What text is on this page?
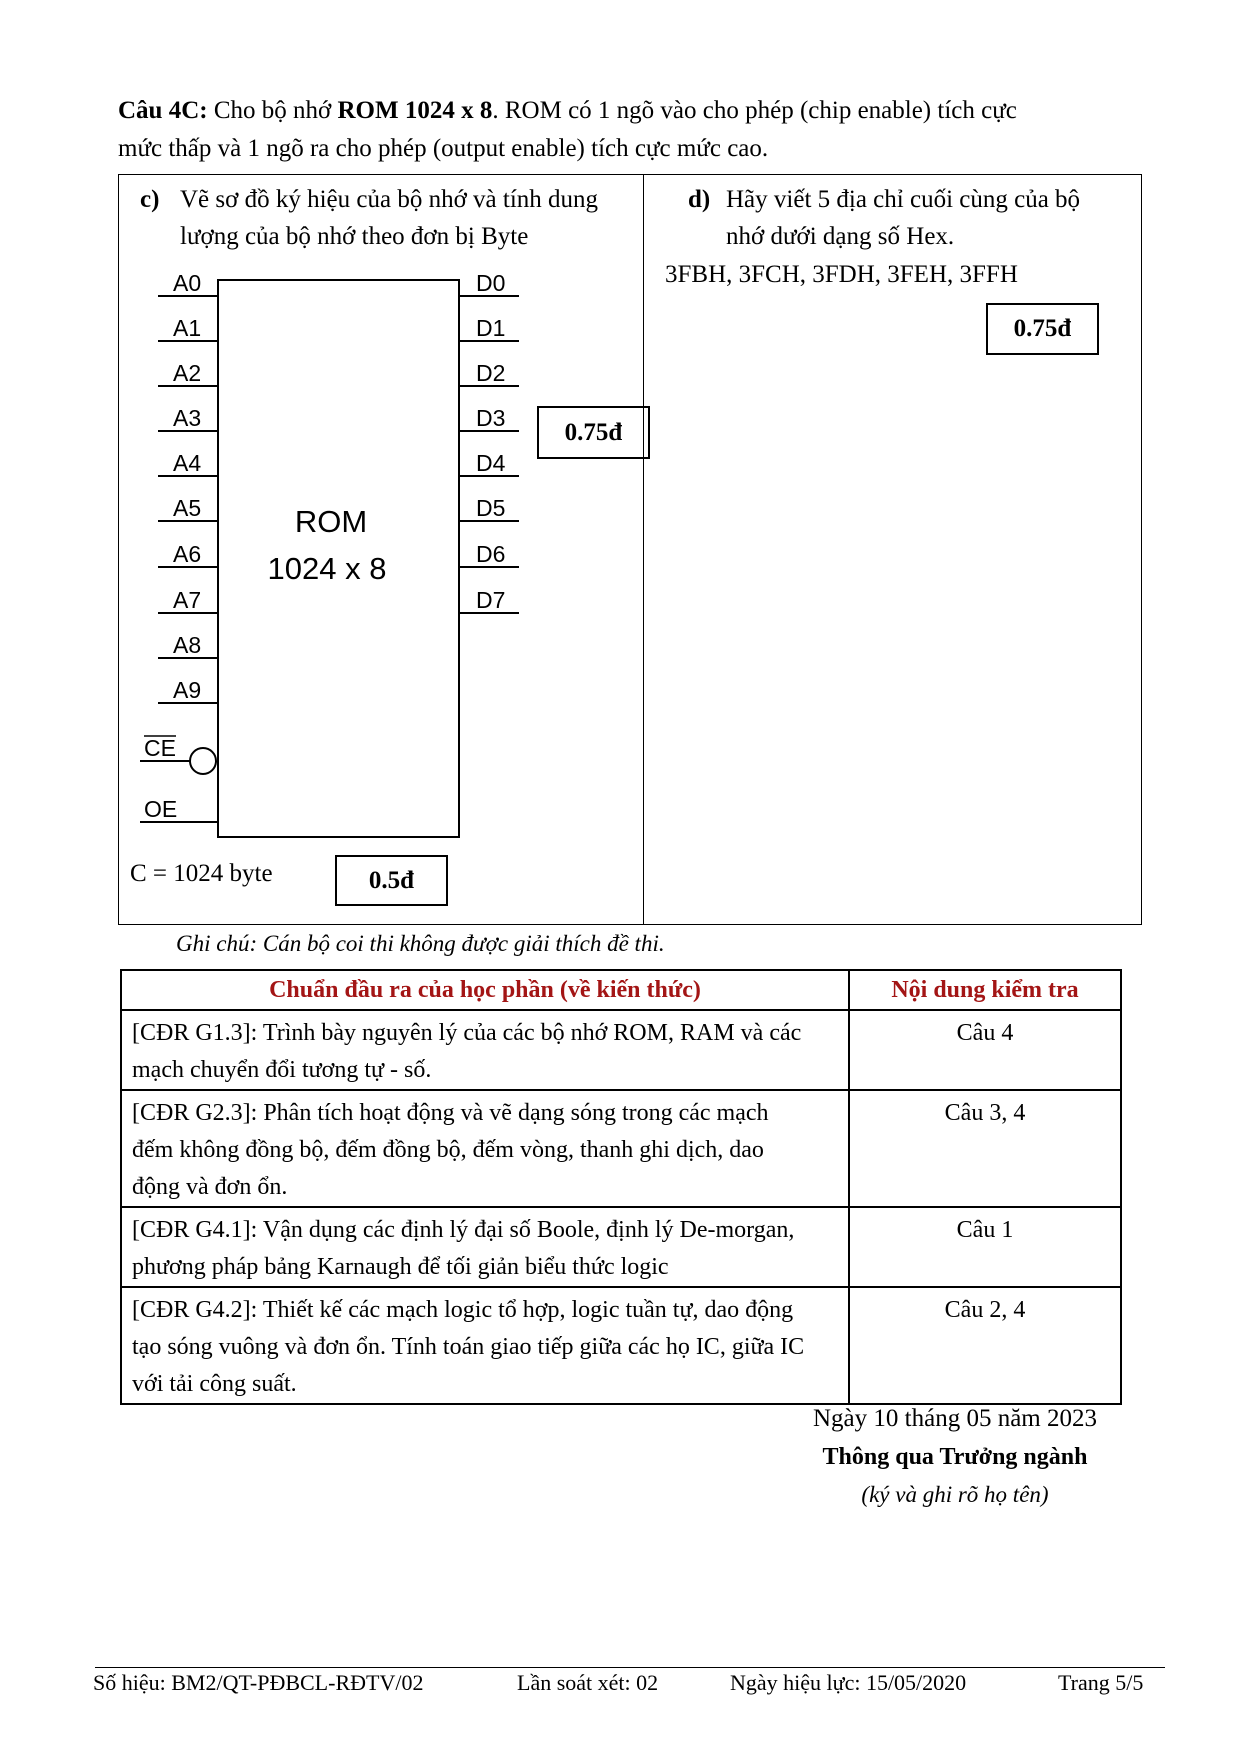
Câu 4C: Cho bộ nhớ ROM 1024 x 8. ROM có 1 ngõ vào cho phép (chip enable) tích cực
mức thấp và 1 ngõ ra cho phép (output enable) tích cực mức cao.
c) Vẽ sơ đồ ký hiệu của bộ nhớ và tính dung
lượng của bộ nhớ theo đơn bị Byte
A0
A1
A2
A3
A4
A5
A6
A7
A8
A9
D0
D1
D2
D3
D4
D5
D6
D7
CE
OE
ROM
1024 x 8
0.75đ
C = 1024 byte	0.5đ
d) Hãy viết 5 địa chỉ cuối cùng của bộ
nhớ dưới dạng số Hex.
3FBH, 3FCH, 3FDH, 3FEH, 3FFH
0.75đ
Ghi chú: Cán bộ coi thi không được giải thích đề thi.
Chuẩn đầu ra của học phần (về kiến thức)	Nội dung kiểm tra

[CĐR G1.3]: Trình bày nguyên lý của các bộ nhớ ROM, RAM và các
mạch chuyển đổi tương tự - số.	Câu 4

[CĐR G2.3]: Phân tích hoạt động và vẽ dạng sóng trong các mạch
đếm không đồng bộ, đếm đồng bộ, đếm vòng, thanh ghi dịch, dao
động và đơn ổn.	Câu 3, 4

[CĐR G4.1]: Vận dụng các định lý đại số Boole, định lý De-morgan,
phương pháp bảng Karnaugh để tối giản biểu thức logic	Câu 1

[CĐR G4.2]: Thiết kế các mạch logic tổ hợp, logic tuần tự, dao động
tạo sóng vuông và đơn ổn. Tính toán giao tiếp giữa các họ IC, giữa IC
với tải công suất.	Câu 2, 4
Ngày 10 tháng 05 năm 2023
Thông qua Trưởng ngành
(ký và ghi rõ họ tên)
Số hiệu: BM2/QT-PĐBCL-RĐTV/02	Lần soát xét: 02	Ngày hiệu lực: 15/05/2020	Trang 5/5
